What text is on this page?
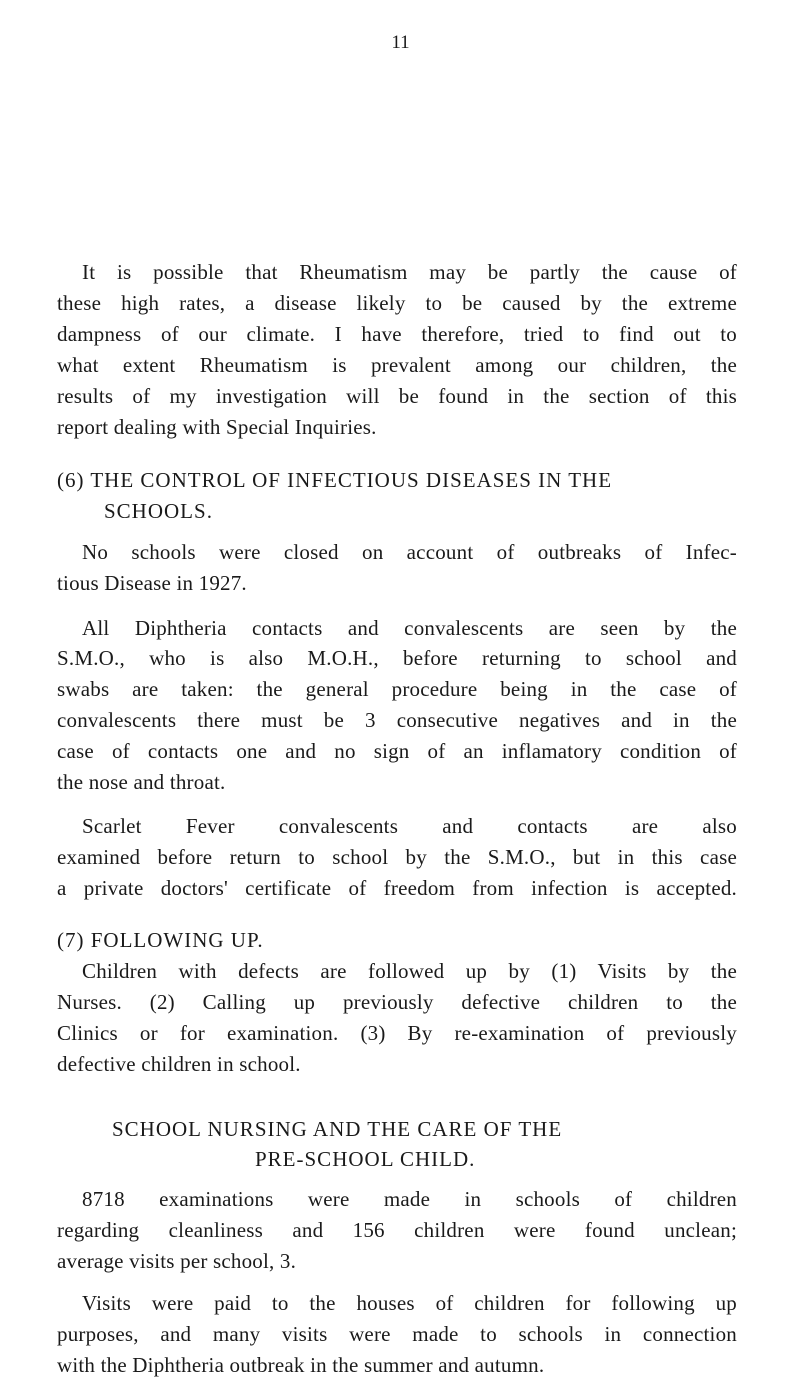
11
It is possible that Rheumatism may be partly the cause of
these high rates, a disease likely to be caused by the extreme
dampness of our climate. I have therefore, tried to find out to
what extent Rheumatism is prevalent among our children, the
results of my investigation will be found in the section of this
report dealing with Special Inquiries.
(6) THE CONTROL OF INFECTIOUS DISEASES IN THE
SCHOOLS.
No schools were closed on account of outbreaks of Infec-
tious Disease in 1927.
All Diphtheria contacts and convalescents are seen by the
S.M.O., who is also M.O.H., before returning to school and
swabs are taken: the general procedure being in the case of
convalescents there must be 3 consecutive negatives and in the
case of contacts one and no sign of an inflamatory condition of
the nose and throat.
Scarlet Fever convalescents and contacts are also
examined before return to school by the S.M.O., but in this case
a private doctors' certificate of freedom from infection is accepted.
(7) FOLLOWING UP.
Children with defects are followed up by (1) Visits by the
Nurses. (2) Calling up previously defective children to the
Clinics or for examination. (3) By re-examination of previously
defective children in school.
SCHOOL NURSING AND THE CARE OF THE
PRE-SCHOOL CHILD.
8718 examinations were made in schools of children
regarding cleanliness and 156 children were found unclean;
average visits per school, 3.
Visits were paid to the houses of children for following up
purposes, and many visits were made to schools in connection
with the Diphtheria outbreak in the summer and autumn.
